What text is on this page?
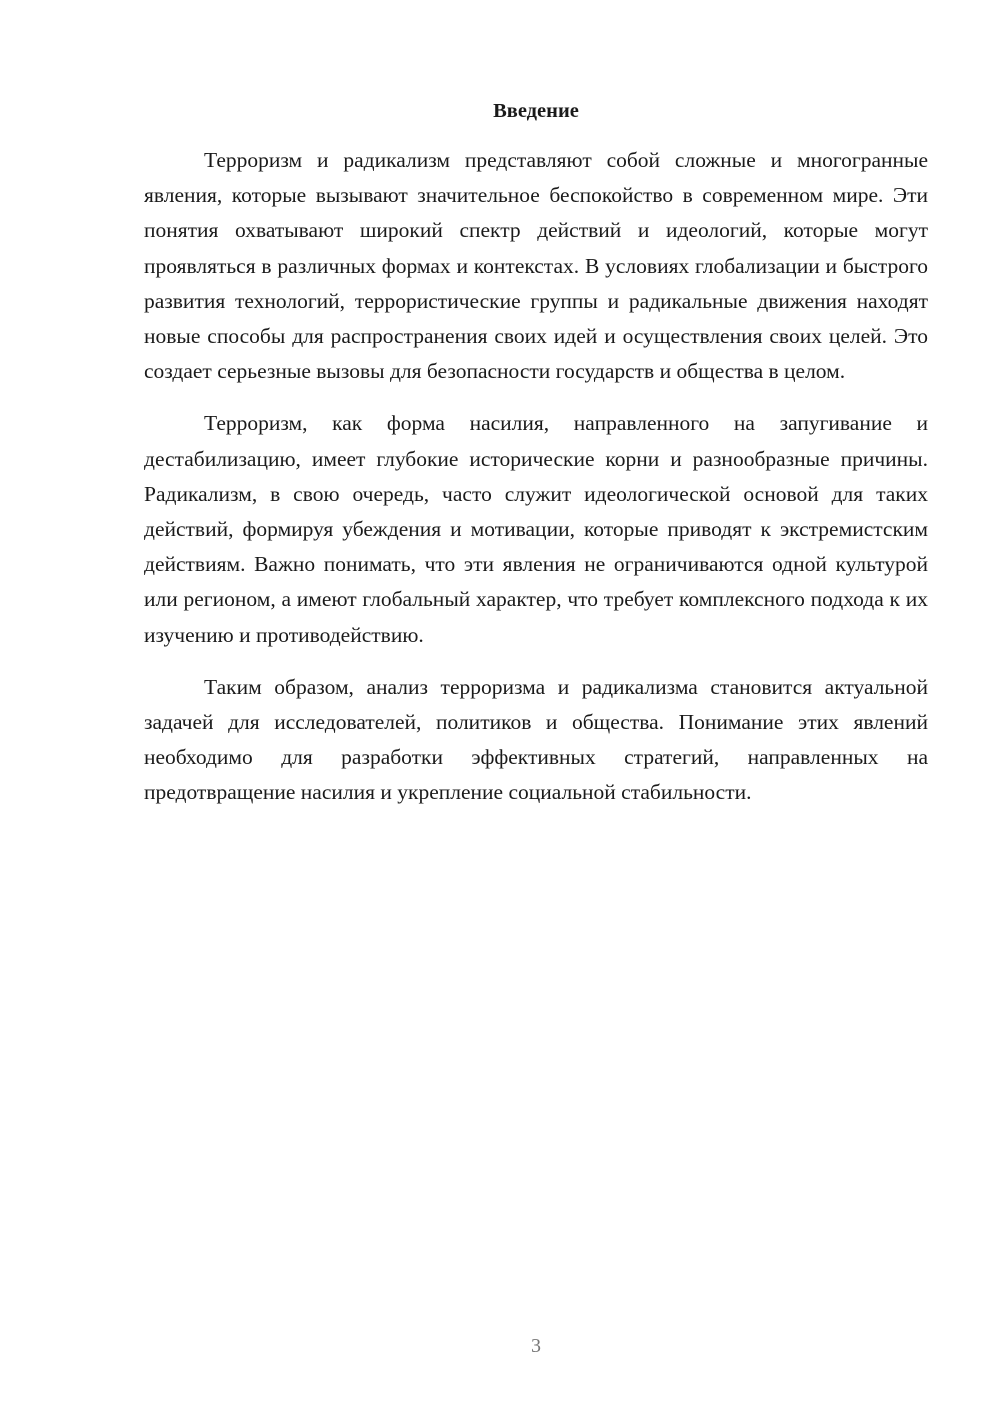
Введение

Терроризм и радикализм представляют собой сложные и многогранные явления, которые вызывают значительное беспокойство в современном мире. Эти понятия охватывают широкий спектр действий и идеологий, которые могут проявляться в различных формах и контекстах. В условиях глобализации и быстрого развития технологий, террористические группы и радикальные движения находят новые способы для распространения своих идей и осуществления своих целей. Это создает серьезные вызовы для безопасности государств и общества в целом.

Терроризм, как форма насилия, направленного на запугивание и дестабилизацию, имеет глубокие исторические корни и разнообразные причины. Радикализм, в свою очередь, часто служит идеологической основой для таких действий, формируя убеждения и мотивации, которые приводят к экстремистским действиям. Важно понимать, что эти явления не ограничиваются одной культурой или регионом, а имеют глобальный характер, что требует комплексного подхода к их изучению и противодействию.

Таким образом, анализ терроризма и радикализма становится актуальной задачей для исследователей, политиков и общества. Понимание этих явлений необходимо для разработки эффективных стратегий, направленных на предотвращение насилия и укрепление социальной стабильности.

3
